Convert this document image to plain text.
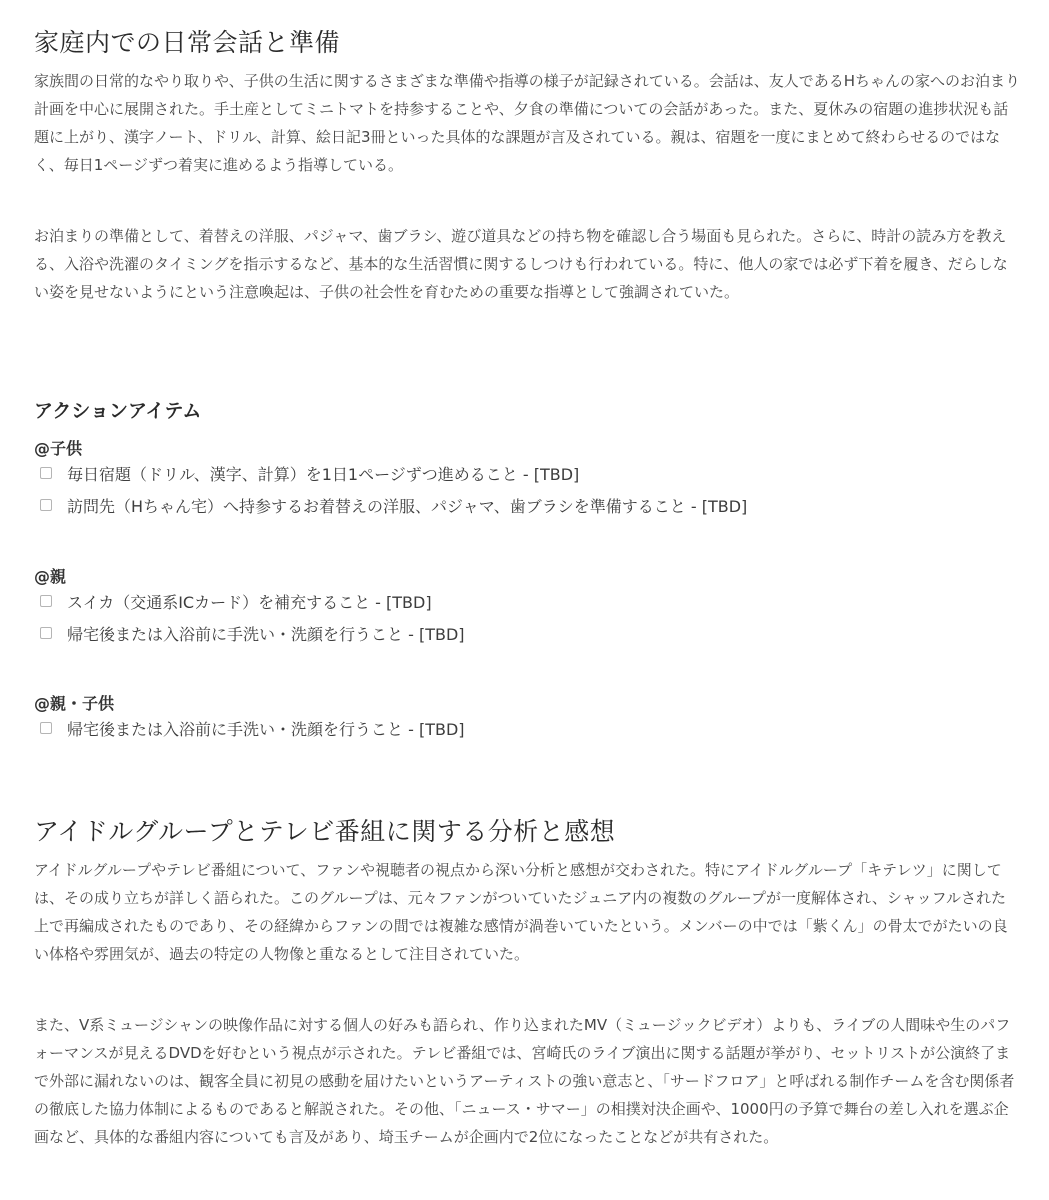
家庭内での日常会話と準備

家族間の日常的なやり取りや、子供の生活に関するさまざまな準備や指導の様子が記録されている。会話は、友人であるHちゃんの家へのお泊まり計画を中心に展開された。手土産としてミニトマトを持参することや、夕食の準備についての会話があった。また、夏休みの宿題の進捗状況も話題に上がり、漢字ノート、ドリル、計算、絵日記3冊といった具体的な課題が言及されている。親は、宿題を一度にまとめて終わらせるのではなく、毎日1ページずつ着実に進めるよう指導している。

お泊まりの準備として、着替えの洋服、パジャマ、歯ブラシ、遊び道具などの持ち物を確認し合う場面も見られた。さらに、時計の読み方を教える、入浴や洗濯のタイミングを指示するなど、基本的な生活習慣に関するしつけも行われている。特に、他人の家では必ず下着を履き、だらしない姿を見せないようにという注意喚起は、子供の社会性を育むための重要な指導として強調されていた。

アクションアイテム
@子供
毎日宿題（ドリル、漢字、計算）を1日1ページずつ進めること - [TBD]
訪問先（Hちゃん宅）へ持参するお着替えの洋服、パジャマ、歯ブラシを準備すること - [TBD]
@親
スイカ（交通系ICカード）を補充すること - [TBD]
帰宅後または入浴前に手洗い・洗顔を行うこと - [TBD]
@親・子供
帰宅後または入浴前に手洗い・洗顔を行うこと - [TBD]
アイドルグループとテレビ番組に関する分析と感想

アイドルグループやテレビ番組について、ファンや視聴者の視点から深い分析と感想が交わされた。特にアイドルグループ「キテレツ」に関しては、その成り立ちが詳しく語られた。このグループは、元々ファンがついていたジュニア内の複数のグループが一度解体され、シャッフルされた上で再編成されたものであり、その経緯からファンの間では複雑な感情が渦巻いていたという。メンバーの中では「紫くん」の骨太でがたいの良い体格や雰囲気が、過去の特定の人物像と重なるとして注目されていた。

また、V系ミュージシャンの映像作品に対する個人の好みも語られ、作り込まれたMV（ミュージックビデオ）よりも、ライブの人間味や生のパフォーマンスが見えるDVDを好むという視点が示された。テレビ番組では、宮崎氏のライブ演出に関する話題が挙がり、セットリストが公演終了まで外部に漏れないのは、観客全員に初見の感動を届けたいというアーティストの強い意志と、「サードフロア」と呼ばれる制作チームを含む関係者の徹底した協力体制によるものであると解説された。その他、「ニュース・サマー」の相撲対決企画や、1000円の予算で舞台の差し入れを選ぶ企画など、具体的な番組内容についても言及があり、埼玉チームが企画内で2位になったことなどが共有された。
